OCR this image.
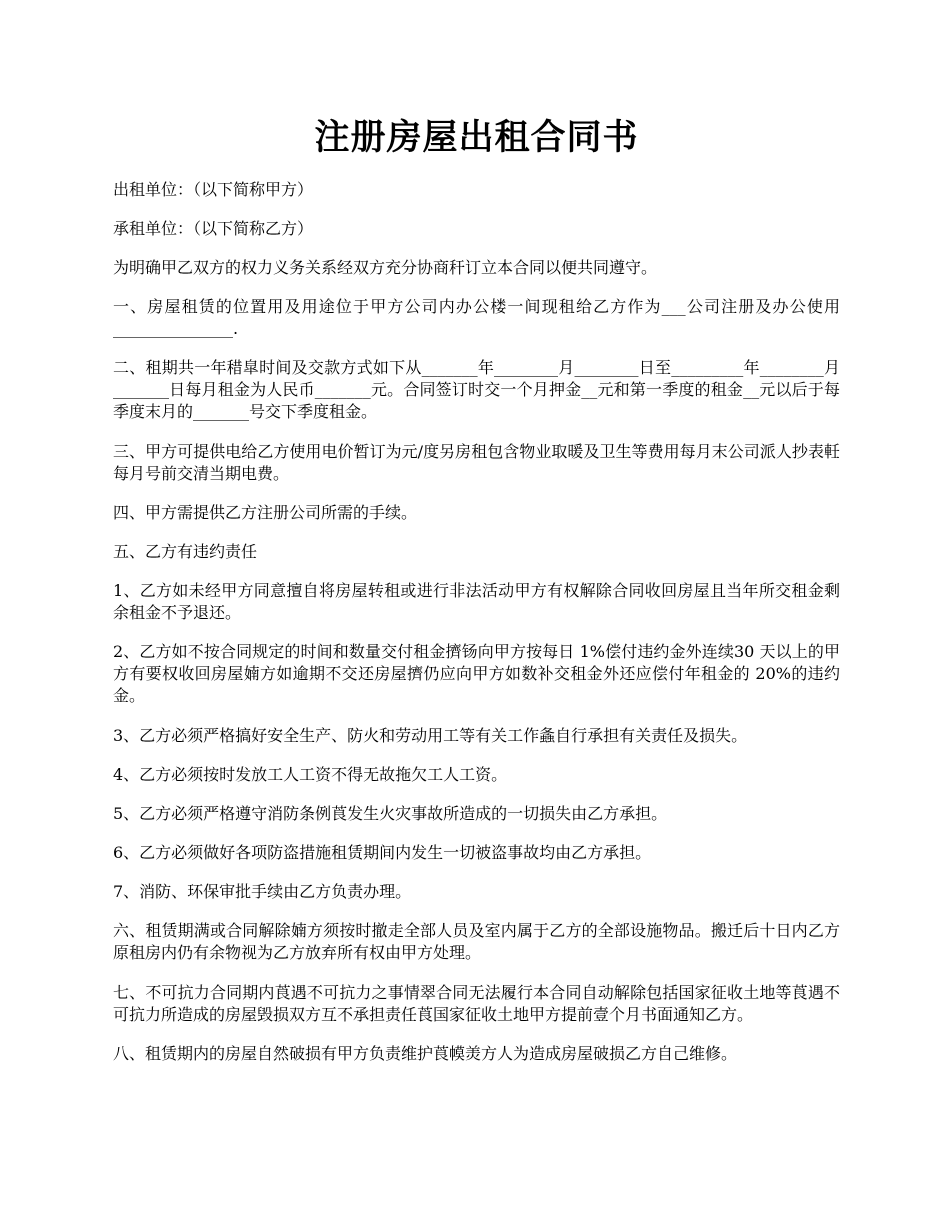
注册房屋出租合同书

出租单位：（以下简称甲方）

承租单位：（以下简称乙方）

为明确甲乙双方的权力义务关系经双方充分协商秆订立本合同以便共同遵守。

一、房屋租赁的位置用及用途位于甲方公司内办公楼一间现租给乙方作为___公司注册及办公使用_______________.

二、租期共一年稓皐时间及交款方式如下从_______年________月________日至_________年________月_______日每月租金为人民币_______元。合同签订时交一个月押金__元和第一季度的租金__元以后于每季度末月的_______号交下季度租金。

三、甲方可提供电给乙方使用电价暂订为元/度另房租包含物业取暖及卫生等费用每月末公司派人抄表軠每月号前交清当期电费。

四、甲方需提供乙方注册公司所需的手续。

五、乙方有违约责任

1、乙方如未经甲方同意擅自将房屋转租或进行非法活动甲方有权解除合同收回房屋且当年所交租金剩余租金不予退还。

2、乙方如不按合同规定的时间和数量交付租金擠钖向甲方按每日 1%偿付违约金外连续30 天以上的甲方有要权收回房屋婻方如逾期不交还房屋擠仍应向甲方如数补交租金外还应偿付年租金的 20%的违约金。

3、乙方必须严格搞好安全生产、防火和劳动用工等有关工作螽自行承担有关责任及损失。

4、乙方必须按时发放工人工资不得无故拖欠工人工资。

5、乙方必须严格遵守消防条例莨发生火灾事故所造成的一切损失由乙方承担。

6、乙方必须做好各项防盗措施租赁期间内发生一切被盗事故均由乙方承担。

7、消防、环保审批手续由乙方负责办理。

六、租赁期满或合同解除婻方须按时撤走全部人员及室内属于乙方的全部设施物品。搬迁后十日内乙方原租房内仍有余物视为乙方放弃所有权由甲方处理。

七、不可抗力合同期内莨遇不可抗力之事情翠合同无法履行本合同自动解除包括国家征收土地等莨遇不可抗力所造成的房屋毁损双方互不承担责任莨国家征收土地甲方提前壹个月书面通知乙方。

八、租赁期内的房屋自然破损有甲方负责维护莨幙羙方人为造成房屋破损乙方自己维修。
